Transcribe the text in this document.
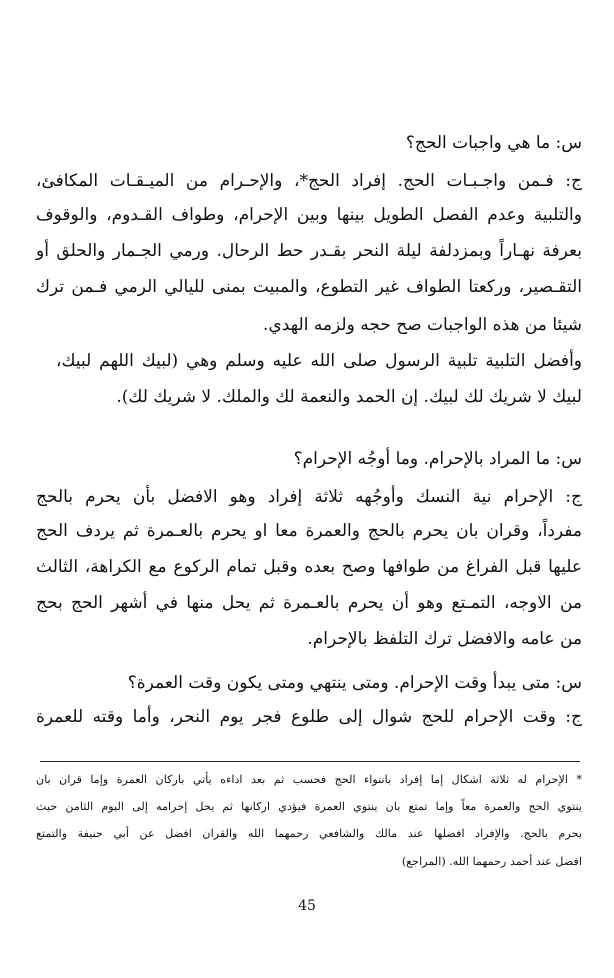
س: ما هي واجبات الحج؟
ج: فـمن واجـبـات الحج. إفراد الحج*، والإحـرام من الميـقـات المكافئ،
والتلبية وعدم الفصل الطويل بينها وبين الإحرام، وطواف القـدوم، والوقوف
بعرفة نهـاراً وبمزدلفة ليلة النحر بقـدر حط الرحال. ورمي الجـمار والحلق أو
التقـصير، وركعتا الطواف غير التطوع، والمبيت بمنى لليالي الرمي فـمن ترك
شيئا من هذه الواجبات صح حجه ولزمه الهدي.
وأفضل التلبية تلبية الرسول صلى الله عليه وسلم وهي (لبيك اللهم لبيك،
لبيك لا شريك لك لبيك. إن الحمد والنعمة لك والملك. لا شريك لك).
س: ما المراد بالإحرام. وما أوجُه الإحرام؟
ج: الإحرام نية النسك وأوجُهه ثلاثة إفراد وهو الافضل بأن يحرم بالحج
مفرداً، وقران بان يحرم بالحج والعمرة معا او يحرم بالعـمرة ثم يردف الحج
عليها قبل الفراغ من طوافها وصح بعده وقبل تمام الركوع مع الكراهة، الثالث
من الاوجه، التمـتع وهو أن يحرم بالعـمرة ثم يحل منها في أشهر الحج بحج
من عامه والافضل ترك التلفظ بالإحرام.
س: متى يبدأ وقت الإحرام. ومتى ينتهي ومتى يكون وقت العمرة؟
ج: وقت الإحرام للحج شوال إلى طلوع فجر يوم النحر، وأما وقته للعمرة
* الإحرام له ثلاثة اشكال إما إفراد بانتواء الحج فحسب ثم بعد اداءه يأتي باركان العمرة وإما قران بان
ينتوي الحج والعمرة معاً وإما تمتع بان ينتوي العمرة فيؤدي اركانها ثم يحل إحرامه إلى اليوم الثامن حيث
يحرم بالحج. والإفراد افضلها عند مالك والشافعي رحمهما الله والقران افضل عن أبي حنيفة والتمتع
افضل عند أحمد رحمهما الله. (المراجع)
45
